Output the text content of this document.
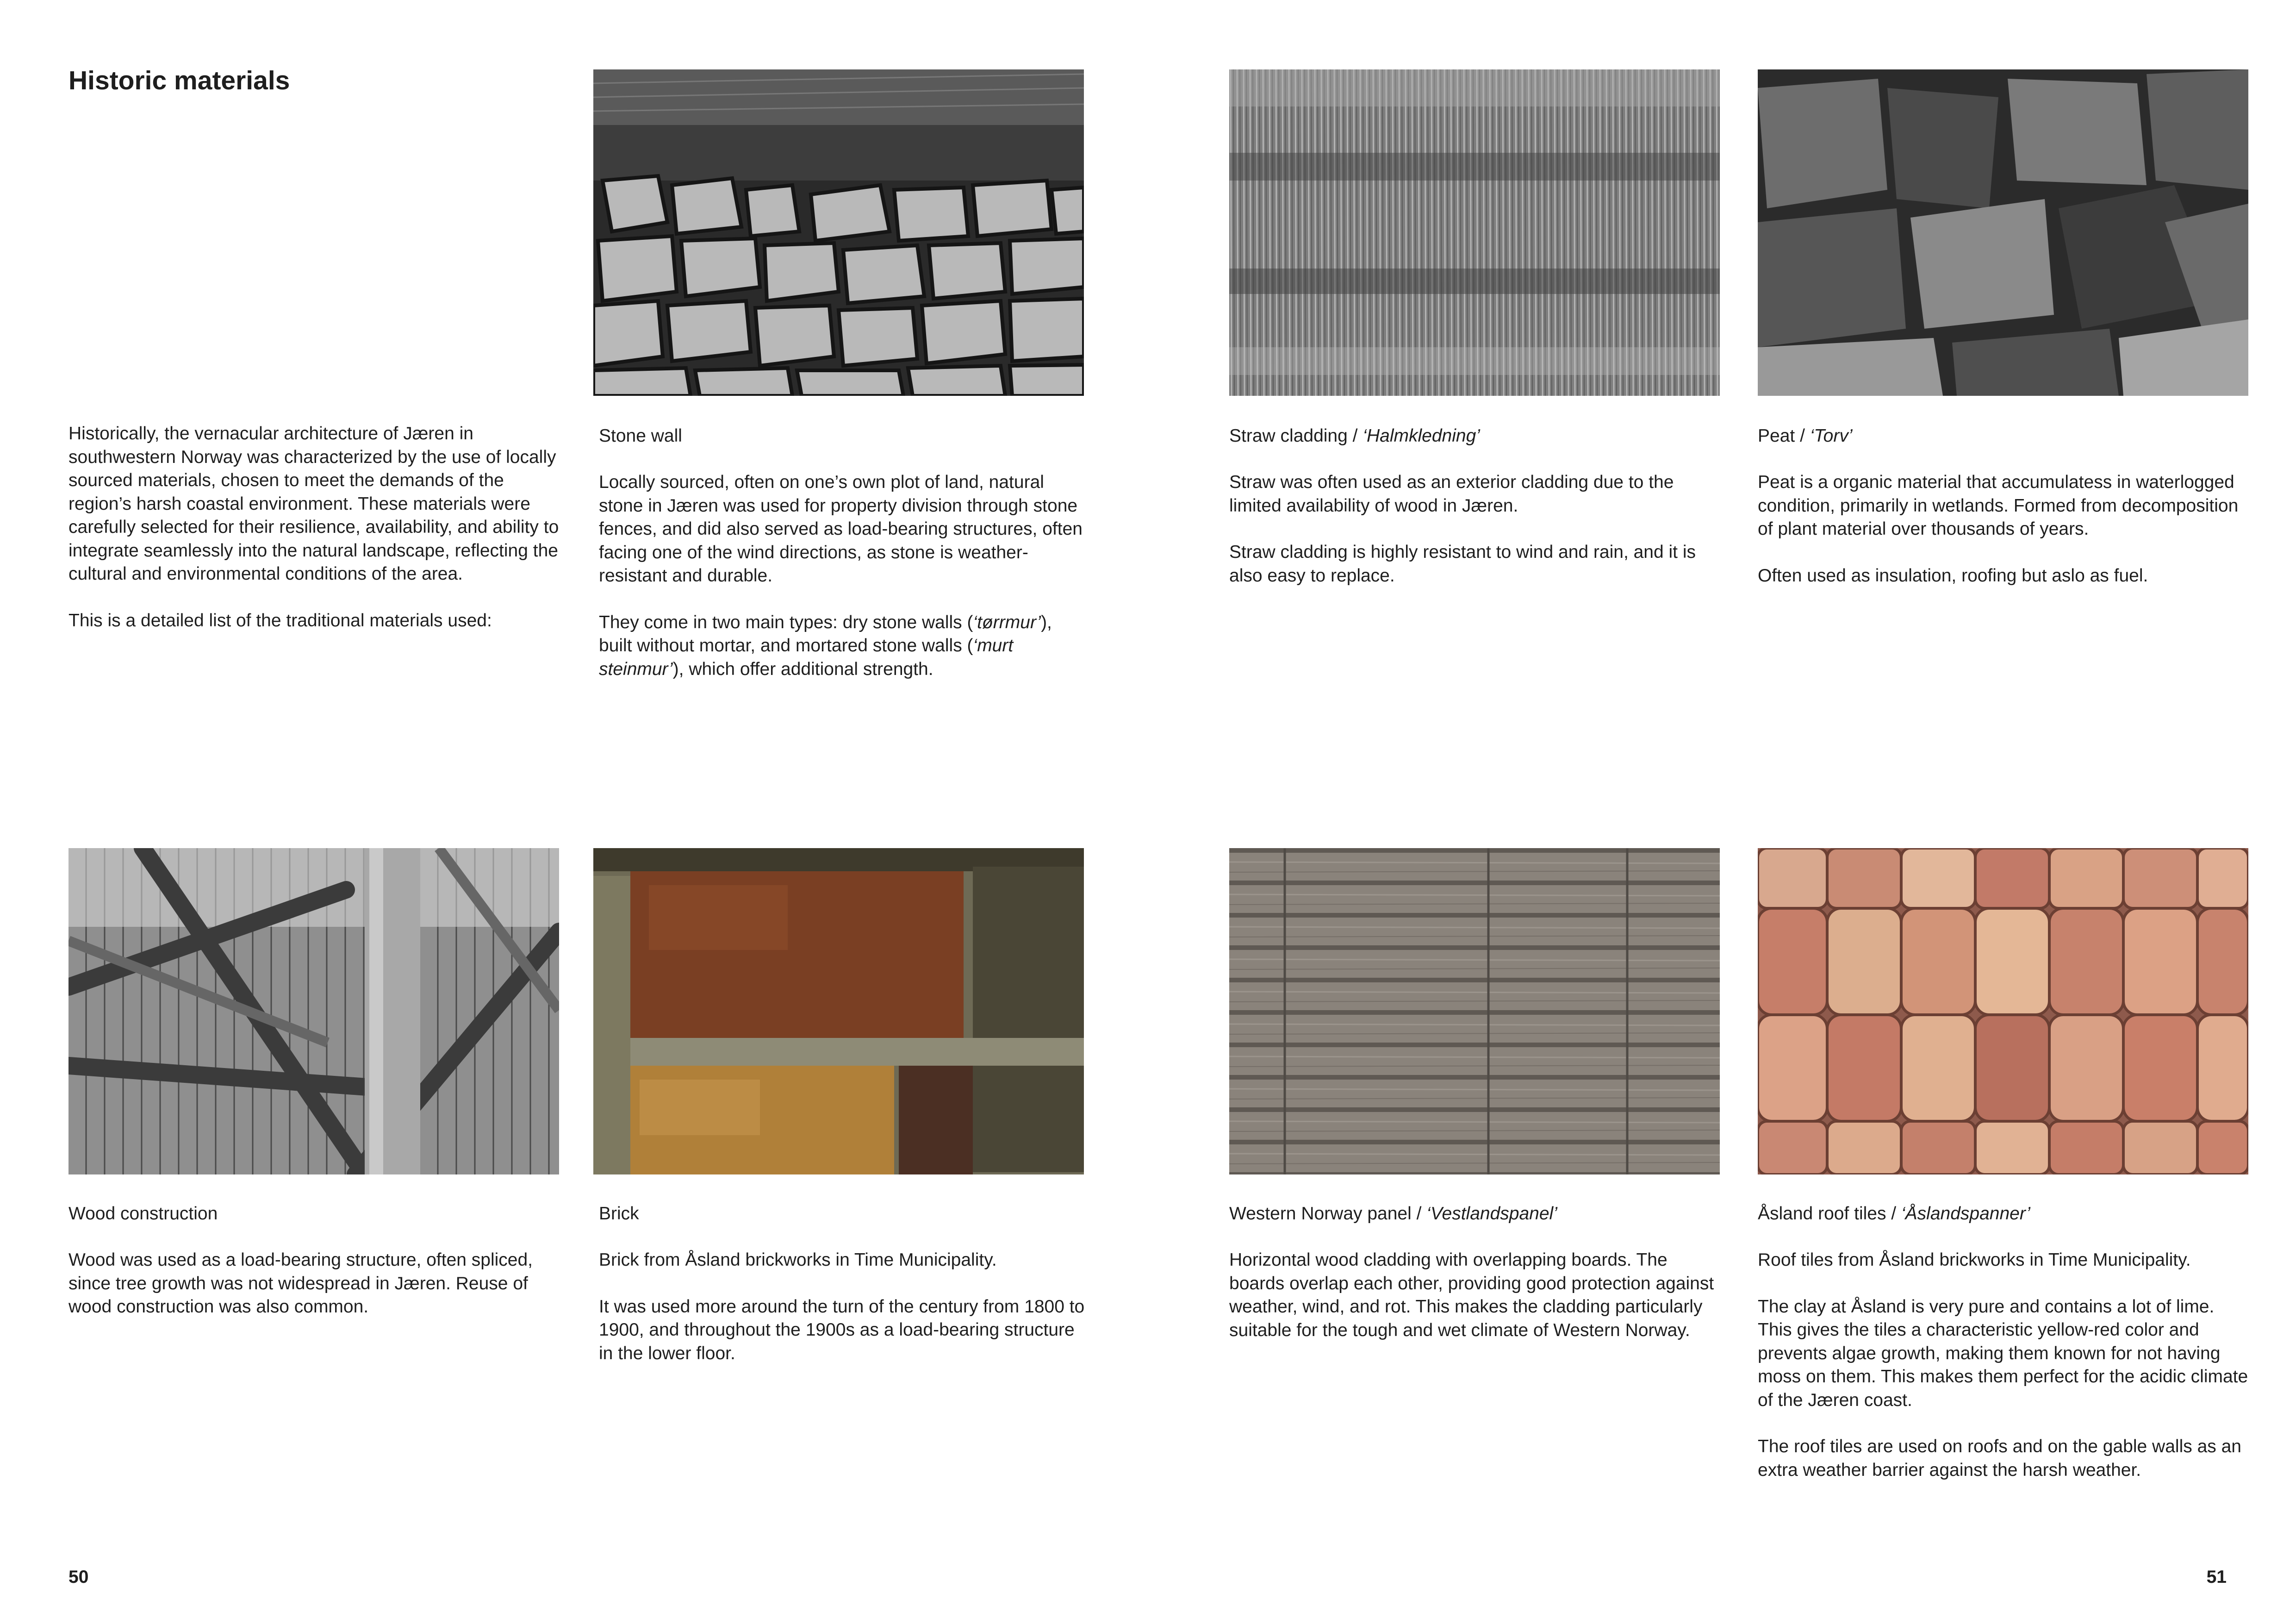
Historic materials

Historically, the vernacular architecture of Jæren in southwestern Norway was characterized by the use of locally sourced materials, chosen to meet the demands of the region’s harsh coastal environment. These materials were carefully selected for their resilience, availability, and ability to integrate seamlessly into the natural landscape, reflecting the cultural and environmental conditions of the area.

This is a detailed list of the traditional materials used:

Stone wall

Locally sourced, often on one’s own plot of land, natural stone in Jæren was used for property division through stone fences, and did also served as load-bearing structures, often facing one of the wind directions, as stone is weather-resistant and durable.

They come in two main types: dry stone walls (‘tørrmur’), built without mortar, and mortared stone walls (‘murt steinmur’), which offer additional strength.

Straw cladding / ‘Halmkledning’

Straw was often used as an exterior cladding due to the limited availability of wood in Jæren.

Straw cladding is highly resistant to wind and rain, and it is also easy to replace.

Peat / ‘Torv’

Peat is a organic material that accumulatess in waterlogged condition, primarily in wetlands. Formed from decomposition of plant material over thousands of years.

Often used as insulation, roofing but aslo as fuel.

Wood construction

Wood was used as a load-bearing structure, often spliced, since tree growth was not widespread in Jæren. Reuse of wood construction was also common.

Brick

Brick from Åsland brickworks in Time Municipality.

It was used more around the turn of the century from 1800 to 1900, and throughout the 1900s as a load-bearing structure in the lower floor.

Western Norway panel / ‘Vestlandspanel’

Horizontal wood cladding with overlapping boards. The boards overlap each other, providing good protection against weather, wind, and rot. This makes the cladding particularly suitable for the tough and wet climate of Western Norway.

Åsland roof tiles / ‘Åslandspanner’

Roof tiles from Åsland brickworks in Time Municipality.

The clay at Åsland is very pure and contains a lot of lime. This gives the tiles a characteristic yellow-red color and prevents algae growth, making them known for not having moss on them. This makes them perfect for the acidic climate of the Jæren coast.

The roof tiles are used on roofs and on the gable walls as an extra weather barrier against the harsh weather.

50	51
